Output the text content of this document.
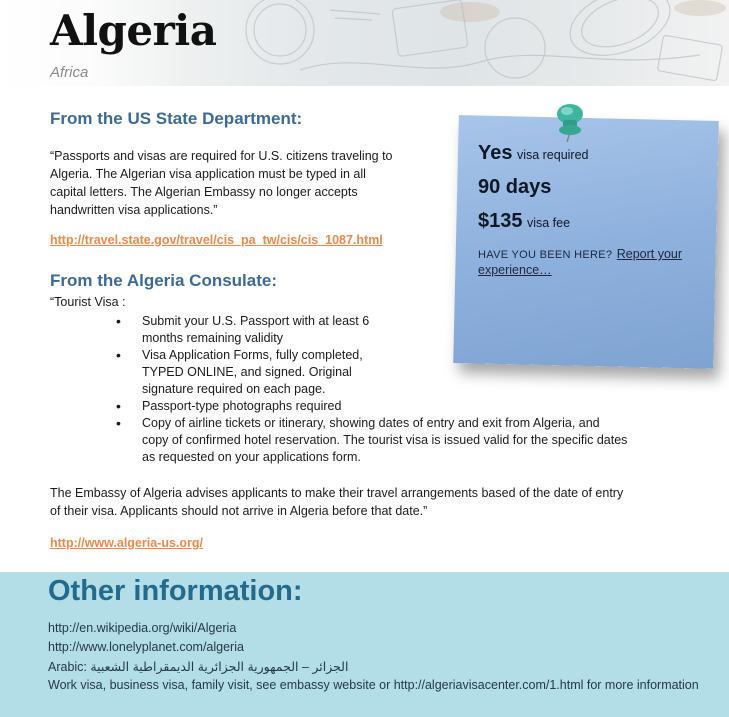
Algeria
Africa
From the US State Department:
“Passports and visas are required for U.S. citizens traveling to
Algeria. The Algerian visa application must be typed in all
capital letters. The Algerian Embassy no longer accepts
handwritten visa applications.”
http://travel.state.gov/travel/cis_pa_tw/cis/cis_1087.html
From the Algeria Consulate:
“Tourist Visa :
• Submit your U.S. Passport with at least 6
months remaining validity
• Visa Application Forms, fully completed,
TYPED ONLINE, and signed. Original
signature required on each page.
• Passport-type photographs required
• Copy of airline tickets or itinerary, showing dates of entry and exit from Algeria, and
copy of confirmed hotel reservation. The tourist visa is issued valid for the specific dates
as requested on your applications form.
The Embassy of Algeria advises applicants to make their travel arrangements based of the date of entry
of their visa. Applicants should not arrive in Algeria before that date.”
http://www.algeria-us.org/
Yes visa required
90 days
$135 visa fee
HAVE YOU BEEN HERE? Report your
experience…
Other information:
http://en.wikipedia.org/wiki/Algeria
http://www.lonelyplanet.com/algeria
Arabic: الجزائر – الجمهورية الجزائرية الديمقراطية الشعبية
Work visa, business visa, family visit, see embassy website or http://algeriavisacenter.com/1.html for more information
